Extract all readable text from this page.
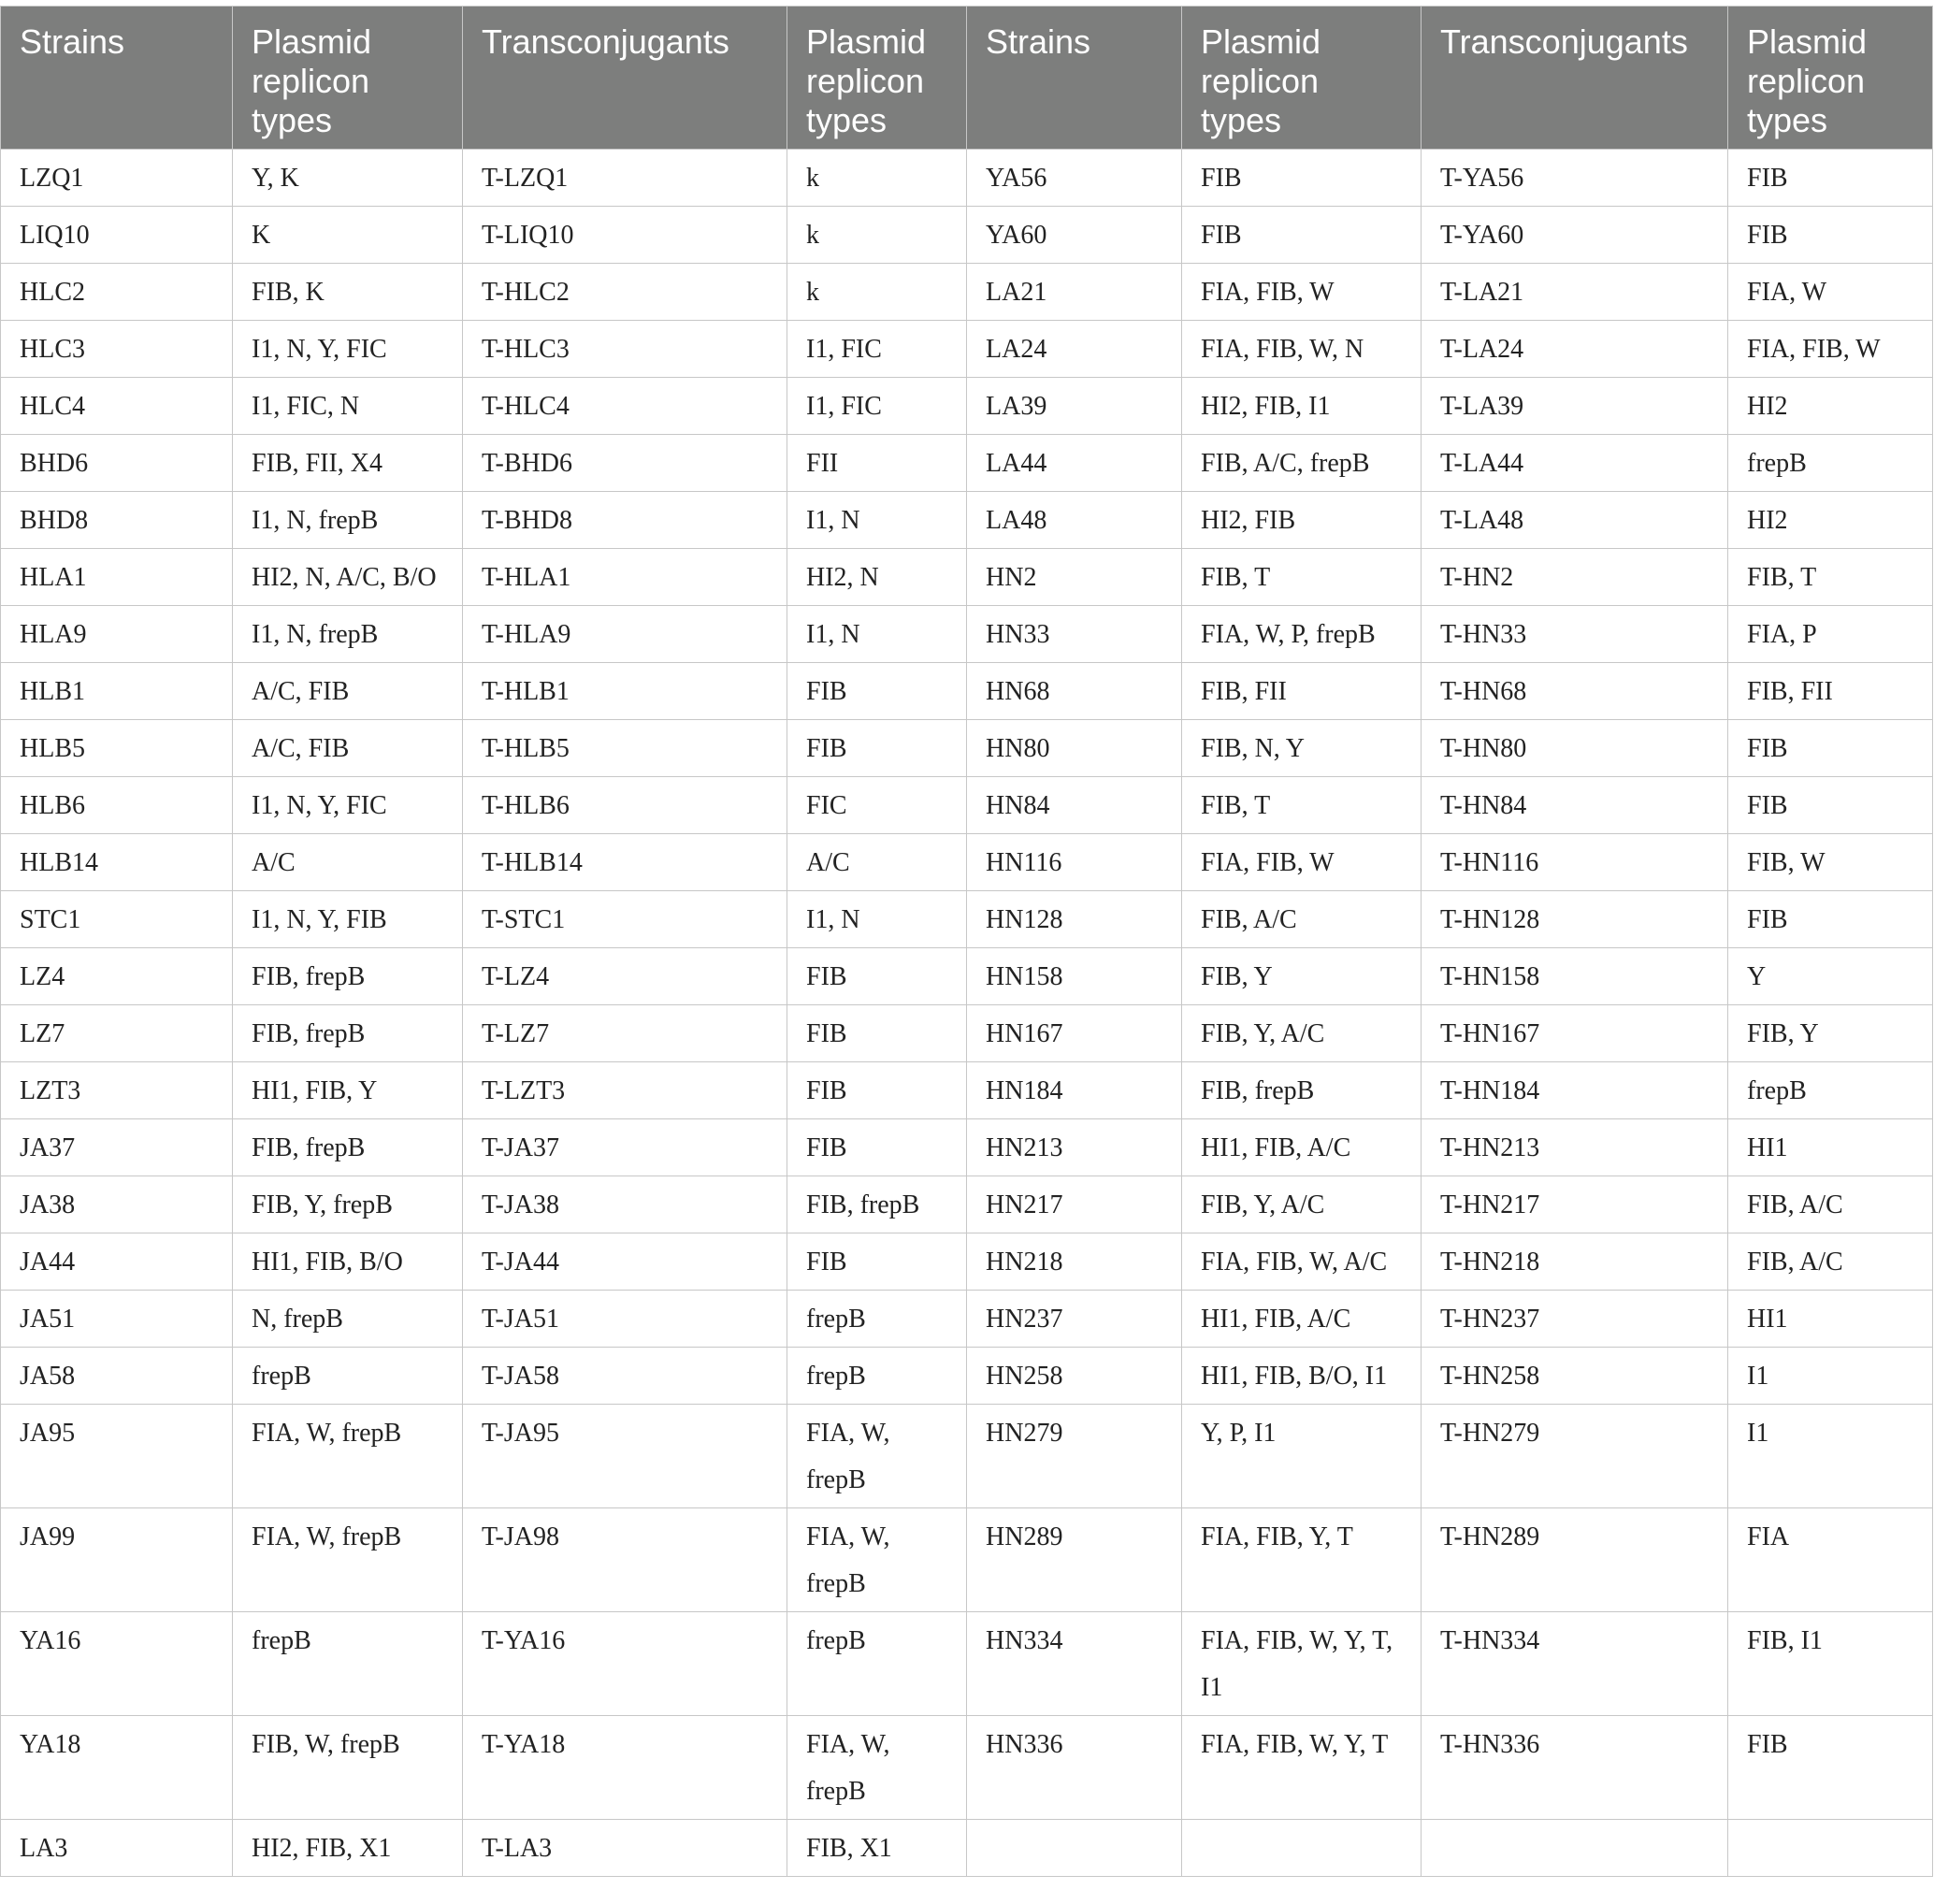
Strains	Plasmid replicon types	Transconjugants	Plasmid replicon types	Strains	Plasmid replicon types	Transconjugants	Plasmid replicon types
LZQ1	Y, K	T-LZQ1	k	YA56	FIB	T-YA56	FIB
LIQ10	K	T-LIQ10	k	YA60	FIB	T-YA60	FIB
HLC2	FIB, K	T-HLC2	k	LA21	FIA, FIB, W	T-LA21	FIA, W
HLC3	I1, N, Y, FIC	T-HLC3	I1, FIC	LA24	FIA, FIB, W, N	T-LA24	FIA, FIB, W
HLC4	I1, FIC, N	T-HLC4	I1, FIC	LA39	HI2, FIB, I1	T-LA39	HI2
BHD6	FIB, FII, X4	T-BHD6	FII	LA44	FIB, A/C, frepB	T-LA44	frepB
BHD8	I1, N, frepB	T-BHD8	I1, N	LA48	HI2, FIB	T-LA48	HI2
HLA1	HI2, N, A/C, B/O	T-HLA1	HI2, N	HN2	FIB, T	T-HN2	FIB, T
HLA9	I1, N, frepB	T-HLA9	I1, N	HN33	FIA, W, P, frepB	T-HN33	FIA, P
HLB1	A/C, FIB	T-HLB1	FIB	HN68	FIB, FII	T-HN68	FIB, FII
HLB5	A/C, FIB	T-HLB5	FIB	HN80	FIB, N, Y	T-HN80	FIB
HLB6	I1, N, Y, FIC	T-HLB6	FIC	HN84	FIB, T	T-HN84	FIB
HLB14	A/C	T-HLB14	A/C	HN116	FIA, FIB, W	T-HN116	FIB, W
STC1	I1, N, Y, FIB	T-STC1	I1, N	HN128	FIB, A/C	T-HN128	FIB
LZ4	FIB, frepB	T-LZ4	FIB	HN158	FIB, Y	T-HN158	Y
LZ7	FIB, frepB	T-LZ7	FIB	HN167	FIB, Y, A/C	T-HN167	FIB, Y
LZT3	HI1, FIB, Y	T-LZT3	FIB	HN184	FIB, frepB	T-HN184	frepB
JA37	FIB, frepB	T-JA37	FIB	HN213	HI1, FIB, A/C	T-HN213	HI1
JA38	FIB, Y, frepB	T-JA38	FIB, frepB	HN217	FIB, Y, A/C	T-HN217	FIB, A/C
JA44	HI1, FIB, B/O	T-JA44	FIB	HN218	FIA, FIB, W, A/C	T-HN218	FIB, A/C
JA51	N, frepB	T-JA51	frepB	HN237	HI1, FIB, A/C	T-HN237	HI1
JA58	frepB	T-JA58	frepB	HN258	HI1, FIB, B/O, I1	T-HN258	I1
JA95	FIA, W, frepB	T-JA95	FIA, W, frepB	HN279	Y, P, I1	T-HN279	I1
JA99	FIA, W, frepB	T-JA98	FIA, W, frepB	HN289	FIA, FIB, Y, T	T-HN289	FIA
YA16	frepB	T-YA16	frepB	HN334	FIA, FIB, W, Y, T, I1	T-HN334	FIB, I1
YA18	FIB, W, frepB	T-YA18	FIA, W, frepB	HN336	FIA, FIB, W, Y, T	T-HN336	FIB
LA3	HI2, FIB, X1	T-LA3	FIB, X1				
